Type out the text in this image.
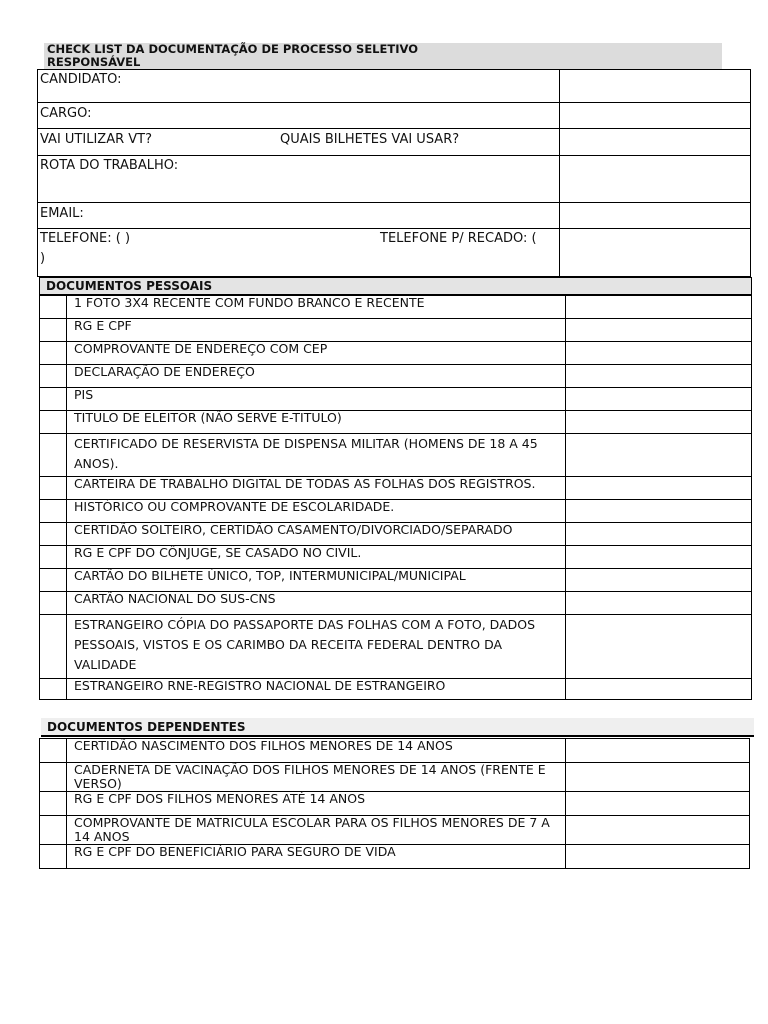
CHECK LIST DA DOCUMENTAÇÃO DE PROCESSO SELETIVO
RESPONSÁVEL
CANDIDATO:	
CARGO:	
VAI UTILIZAR VT? QUAIS BILHETES VAI USAR?	
ROTA DO TRABALHO:	
EMAIL:	
TELEFONE: ( ) TELEFONE P/ RECADO: (
)	
DOCUMENTOS PESSOAIS
	1 FOTO 3X4 RECENTE COM FUNDO BRANCO E RECENTE	
	RG E CPF	
	COMPROVANTE DE ENDEREÇO COM CEP	
	DECLARAÇÃO DE ENDEREÇO	
	PIS	
	TITULO DE ELEITOR (NÃO SERVE E-TITULO)	
	CERTIFICADO DE RESERVISTA DE DISPENSA MILITAR (HOMENS DE 18 A 45 ANOS).	
	CARTEIRA DE TRABALHO DIGITAL DE TODAS AS FOLHAS DOS REGISTROS.	
	HISTÓRICO OU COMPROVANTE DE ESCOLARIDADE.	
	CERTIDÃO SOLTEIRO, CERTIDÃO CASAMENTO/DIVORCIADO/SEPARADO	
	RG E CPF DO CÔNJUGE, SE CASADO NO CIVIL.	
	CARTÃO DO BILHETE ÚNICO, TOP, INTERMUNICIPAL/MUNICIPAL	
	CARTÃO NACIONAL DO SUS-CNS	
	ESTRANGEIRO CÓPIA DO PASSAPORTE DAS FOLHAS COM A FOTO, DADOS PESSOAIS, VISTOS E OS CARIMBO DA RECEITA FEDERAL DENTRO DA VALIDADE	
	ESTRANGEIRO RNE-REGISTRO NACIONAL DE ESTRANGEIRO	
DOCUMENTOS DEPENDENTES
	CERTIDÃO NASCIMENTO DOS FILHOS MENORES DE 14 ANOS	
	CADERNETA DE VACINAÇÃO DOS FILHOS MENORES DE 14 ANOS (FRENTE E VERSO)	
	RG E CPF DOS FILHOS MENORES ATÉ 14 ANOS	
	COMPROVANTE DE MATRICULA ESCOLAR PARA OS FILHOS MENORES DE 7 A 14 ANOS	
	RG E CPF DO BENEFICIÁRIO PARA SEGURO DE VIDA	
